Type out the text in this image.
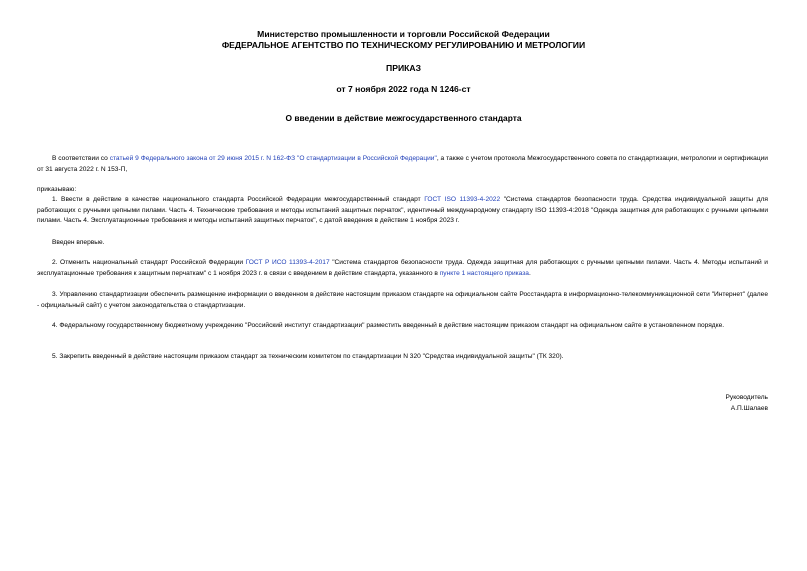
Министерство промышленности и торговли Российской Федерации
ФЕДЕРАЛЬНОЕ АГЕНТСТВО ПО ТЕХНИЧЕСКОМУ РЕГУЛИРОВАНИЮ И МЕТРОЛОГИИ
ПРИКАЗ
от 7 ноября 2022 года N 1246-ст
О введении в действие межгосударственного стандарта

В соответствии со статьей 9 Федерального закона от 29 июня 2015 г. N 162-ФЗ "О стандартизации в Российской Федерации", а также с учетом протокола Межгосударственного совета по стандартизации, метрологии и сертификации от 31 августа 2022 г. N 153-П,

приказываю:

1. Ввести в действие в качестве национального стандарта Российской Федерации межгосударственный стандарт ГОСТ ISO 11393-4-2022 "Система стандартов безопасности труда. Средства индивидуальной защиты для работающих с ручными цепными пилами. Часть 4. Технические требования и методы испытаний защитных перчаток", идентичный международному стандарту ISO 11393-4:2018 "Одежда защитная для работающих с ручными цепными пилами. Часть 4. Эксплуатационные требования и методы испытаний защитных перчаток", с датой введения в действие 1 ноября 2023 г.

Введен впервые.

2. Отменить национальный стандарт Российской Федерации ГОСТ Р ИСО 11393-4-2017 "Система стандартов безопасности труда. Одежда защитная для работающих с ручными цепными пилами. Часть 4. Методы испытаний и эксплуатационные требования к защитным перчаткам" с 1 ноября 2023 г. в связи с введением в действие стандарта, указанного в пункте 1 настоящего приказа.

3. Управлению стандартизации обеспечить размещение информации о введенном в действие настоящим приказом стандарте на официальном сайте Росстандарта в информационно-телекоммуникационной сети "Интернет" (далее - официальный сайт) с учетом законодательства о стандартизации.

4. Федеральному государственному бюджетному учреждению "Российский институт стандартизации" разместить введенный в действие настоящим приказом стандарт на официальном сайте в установленном порядке.

5. Закрепить введенный в действие настоящим приказом стандарт за техническим комитетом по стандартизации N 320 "Средства индивидуальной защиты" (ТК 320).

Руководитель
А.П.Шалаев
